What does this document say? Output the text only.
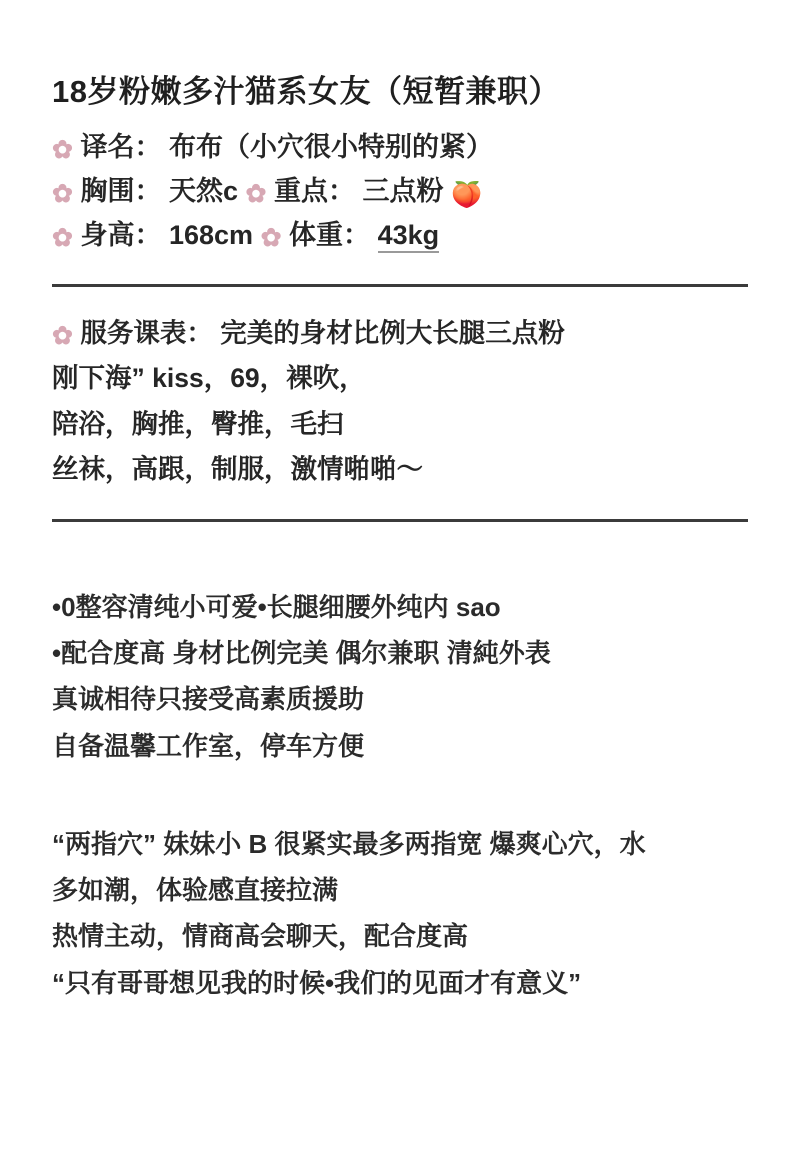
18岁粉嫩多汁猫系女友（短暂兼职）

✿ 译名： 布布（小穴很小特别的紧）

✿ 胸围： 天然c ✿ 重点： 三点粉 🍑

✿ 身高： 168cm ✿ 体重： 43kg

✿ 服务课表： 完美的身材比例大长腿三点粉

刚下海” kiss，69，裸吹，

陪浴，胸推，臀推，毛扫

丝袜，高跟，制服，激情啪啪～

•0整容清纯小可爱•长腿细腰外纯内 sao

•配合度高 身材比例完美 偶尔兼职 清純外表

真诚相待只接受高素质援助

自备温馨工作室，停车方便

“两指穴” 妹妹小 B 很紧实最多两指宽 爆爽心穴，水

多如潮，体验感直接拉满

热情主动，情商高会聊天，配合度高

“只有哥哥想见我的时候•我们的见面才有意义”
